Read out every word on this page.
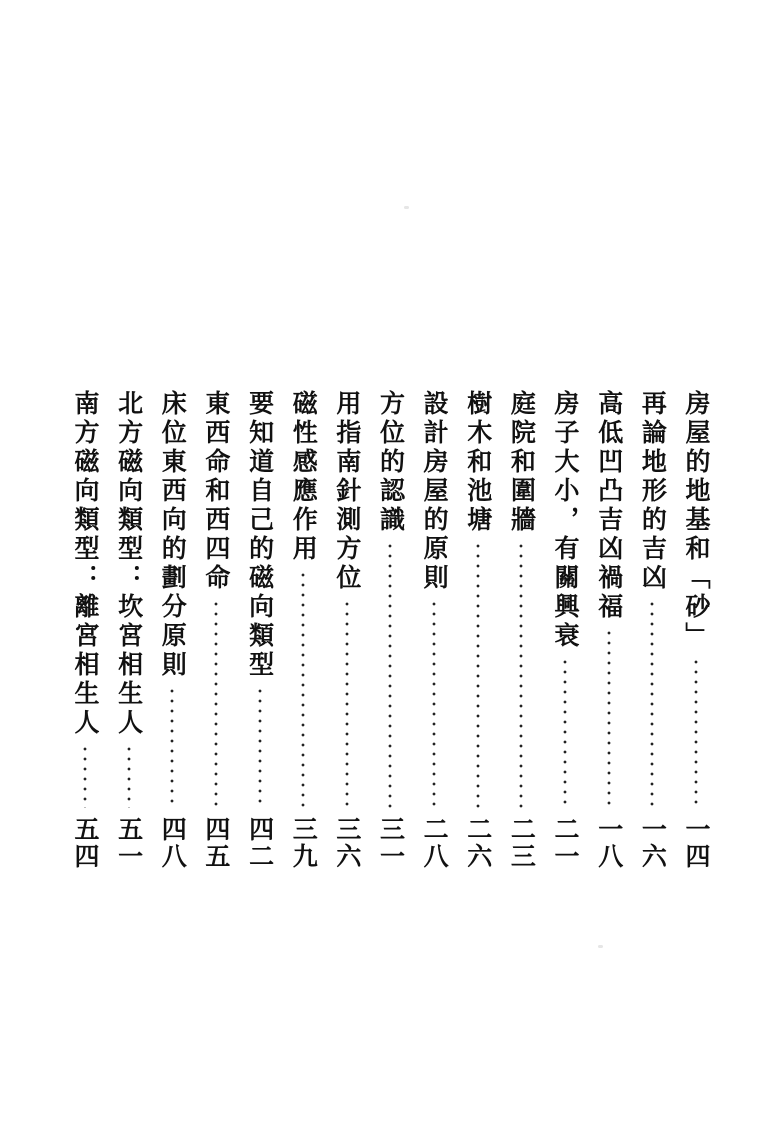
房屋的地基和「砂」
一四
再論地形的吉凶
一六
高低凹凸吉凶禍福
一八
房子大小，有關興衰
二一
庭院和圍牆
二三
樹木和池塘
二六
設計房屋的原則
二八
方位的認識
三一
用指南針測方位
三六
磁性感應作用
三九
要知道自己的磁向類型
四二
東西命和西四命
四五
床位東西向的劃分原則
四八
北方磁向類型：坎宮相生人
五一
南方磁向類型：離宮相生人
五四
